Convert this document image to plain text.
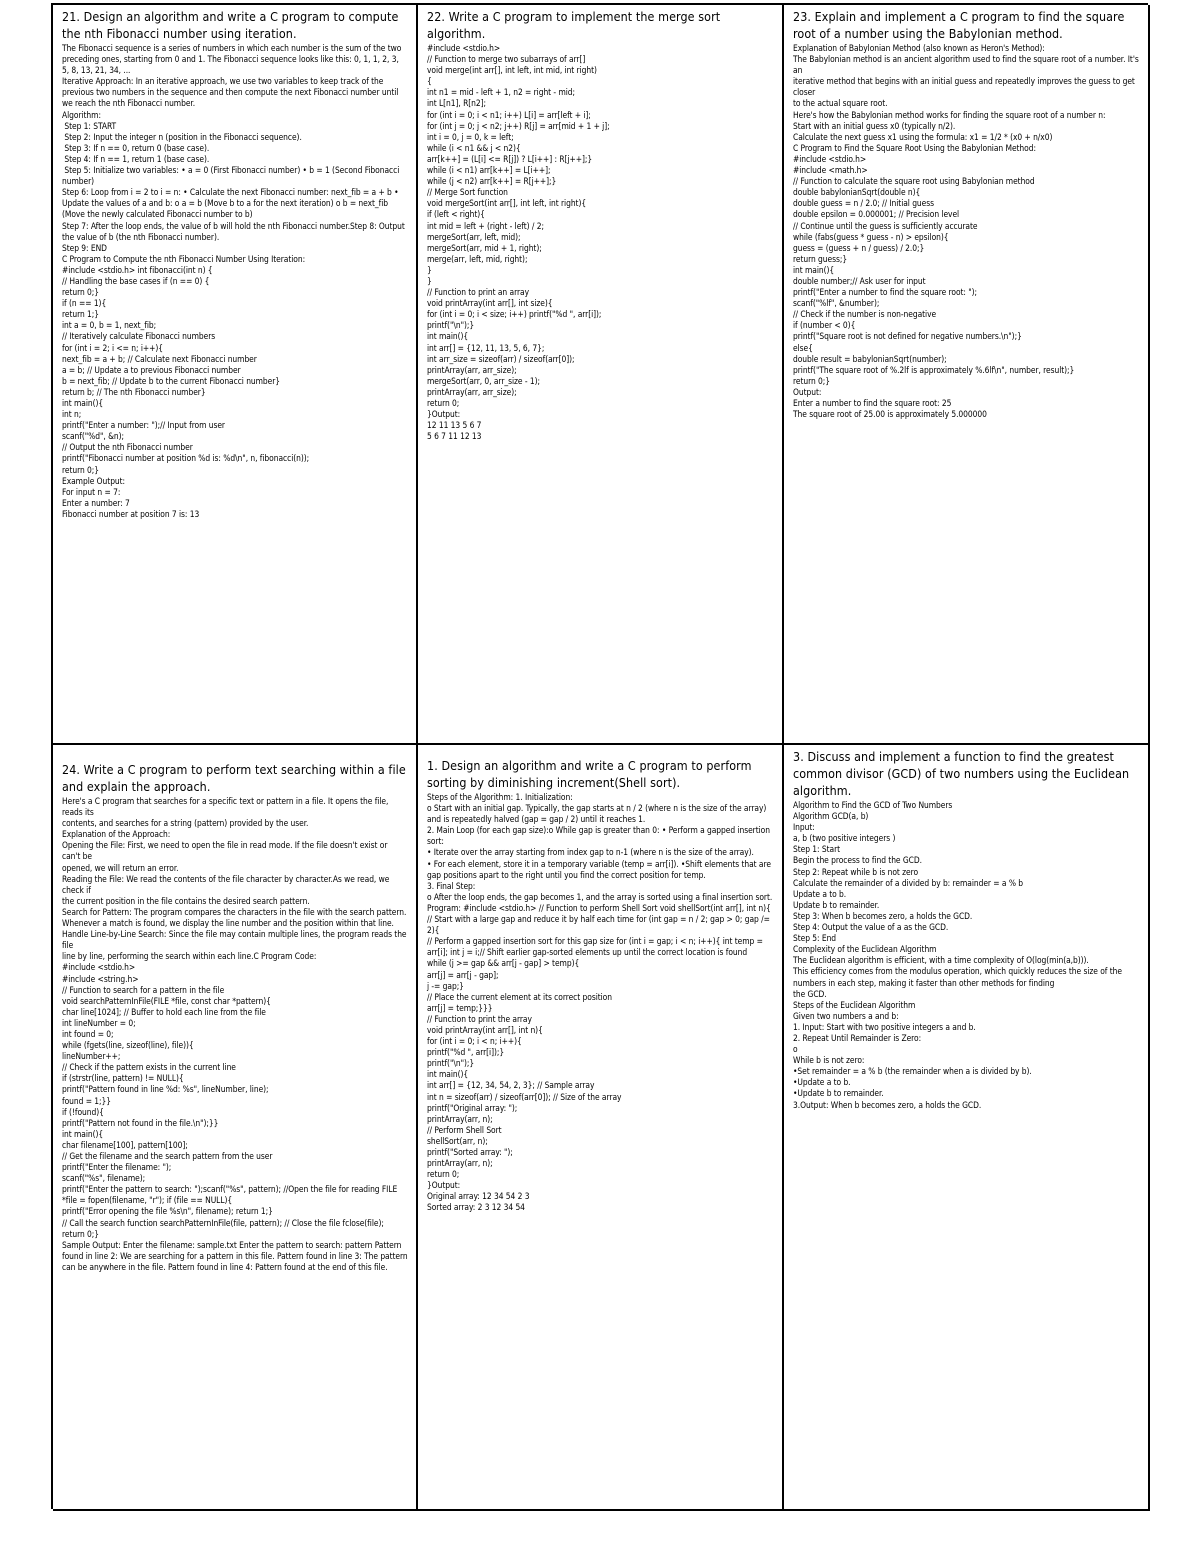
21. Design an algorithm and write a C program to compute the nth Fibonacci number using iteration.
The Fibonacci sequence is a series of numbers in which each number is the sum of the two preceding ones, starting from 0 and 1. The Fibonacci sequence looks like this: 0, 1, 1, 2, 3, 5, 8, 13, 21, 34, ...
Iterative Approach: In an iterative approach, we use two variables to keep track of the previous two numbers in the sequence and then compute the next Fibonacci number until we reach the nth Fibonacci number.
Algorithm:
Step 1: START
Step 2: Input the integer n (position in the Fibonacci sequence).
Step 3: If n == 0, return 0 (base case).
Step 4: If n == 1, return 1 (base case).
Step 5: Initialize two variables: • a = 0 (First Fibonacci number) • b = 1 (Second Fibonacci number)
Step 6: Loop from i = 2 to i = n: • Calculate the next Fibonacci number: next_fib = a + b • Update the values of a and b: o a = b (Move b to a for the next iteration) o b = next_fib (Move the newly calculated Fibonacci number to b)
Step 7: After the loop ends, the value of b will hold the nth Fibonacci number.Step 8: Output the value of b (the nth Fibonacci number).
Step 9: END
C Program to Compute the nth Fibonacci Number Using Iteration:
#include <stdio.h> int fibonacci(int n) {
// Handling the base cases if (n == 0) {
return 0;}
if (n == 1){
return 1;}
int a = 0, b = 1, next_fib;
// Iteratively calculate Fibonacci numbers
for (int i = 2; i <= n; i++){
next_fib = a + b; // Calculate next Fibonacci number
a = b; // Update a to previous Fibonacci number
b = next_fib; // Update b to the current Fibonacci number}
return b; // The nth Fibonacci number}
int main(){
int n;
printf("Enter a number: ");// Input from user
scanf("%d", &n);
// Output the nth Fibonacci number
printf("Fibonacci number at position %d is: %d\n", n, fibonacci(n));
return 0;}
Example Output:
For input n = 7:
Enter a number: 7
Fibonacci number at position 7 is: 13
22. Write a C program to implement the merge sort algorithm.
#include <stdio.h>
// Function to merge two subarrays of arr[]
void merge(int arr[], int left, int mid, int right)
{
int n1 = mid - left + 1, n2 = right - mid;
int L[n1], R[n2];
for (int i = 0; i < n1; i++) L[i] = arr[left + i];
for (int j = 0; j < n2; j++) R[j] = arr[mid + 1 + j];
int i = 0, j = 0, k = left;
while (i < n1 && j < n2){
arr[k++] = (L[i] <= R[j]) ? L[i++] : R[j++];}
while (i < n1) arr[k++] = L[i++];
while (j < n2) arr[k++] = R[j++];}
// Merge Sort function
void mergeSort(int arr[], int left, int right){
if (left < right){
int mid = left + (right - left) / 2;
mergeSort(arr, left, mid);
mergeSort(arr, mid + 1, right);
merge(arr, left, mid, right);
}
}
// Function to print an array
void printArray(int arr[], int size){
for (int i = 0; i < size; i++) printf("%d ", arr[i]);
printf("\n");}
int main(){
int arr[] = {12, 11, 13, 5, 6, 7};
int arr_size = sizeof(arr) / sizeof(arr[0]);
printArray(arr, arr_size);
mergeSort(arr, 0, arr_size - 1);
printArray(arr, arr_size);
return 0;
}Output:
12 11 13 5 6 7
5 6 7 11 12 13
23. Explain and implement a C program to find the square root of a number using the Babylonian method.
Explanation of Babylonian Method (also known as Heron's Method):
The Babylonian method is an ancient algorithm used to find the square root of a number. It's an
iterative method that begins with an initial guess and repeatedly improves the guess to get closer
to the actual square root.
Here's how the Babylonian method works for finding the square root of a number n:
Start with an initial guess x0 (typically n/2).
Calculate the next guess x1 using the formula: x1 = 1/2 * (x0 + n/x0)
C Program to Find the Square Root Using the Babylonian Method:
#include <stdio.h>
#include <math.h>
// Function to calculate the square root using Babylonian method
double babylonianSqrt(double n){
double guess = n / 2.0; // Initial guess
double epsilon = 0.000001; // Precision level
// Continue until the guess is sufficiently accurate
while (fabs(guess * guess - n) > epsilon){
guess = (guess + n / guess) / 2.0;}
return guess;}
int main(){
double number;// Ask user for input
printf("Enter a number to find the square root: ");
scanf("%lf", &number);
// Check if the number is non-negative
if (number < 0){
printf("Square root is not defined for negative numbers.\n");}
else{
double result = babylonianSqrt(number);
printf("The square root of %.2lf is approximately %.6lf\n", number, result);}
return 0;}
Output:
Enter a number to find the square root: 25
The square root of 25.00 is approximately 5.000000
24. Write a C program to perform text searching within a file and explain the approach.
Here's a C program that searches for a specific text or pattern in a file. It opens the file, reads its
contents, and searches for a string (pattern) provided by the user.
Explanation of the Approach:
Opening the File: First, we need to open the file in read mode. If the file doesn't exist or can't be
opened, we will return an error.
Reading the File: We read the contents of the file character by character.As we read, we check if
the current position in the file contains the desired search pattern.
Search for Pattern: The program compares the characters in the file with the search pattern.
Whenever a match is found, we display the line number and the position within that line.
Handle Line-by-Line Search: Since the file may contain multiple lines, the program reads the file
line by line, performing the search within each line.C Program Code:
#include <stdio.h>
#include <string.h>
// Function to search for a pattern in the file
void searchPatternInFile(FILE *file, const char *pattern){
char line[1024]; // Buffer to hold each line from the file
int lineNumber = 0;
int found = 0;
while (fgets(line, sizeof(line), file)){
lineNumber++;
// Check if the pattern exists in the current line
if (strstr(line, pattern) != NULL){
printf("Pattern found in line %d: %s", lineNumber, line);
found = 1;}}
if (!found){
printf("Pattern not found in the file.\n");}}
int main(){
char filename[100], pattern[100];
// Get the filename and the search pattern from the user
printf("Enter the filename: ");
scanf("%s", filename);
printf("Enter the pattern to search: ");scanf("%s", pattern); //Open the file for reading FILE *file = fopen(filename, "r"); if (file == NULL){
printf("Error opening the file %s\n", filename); return 1;}
// Call the search function searchPatternInFile(file, pattern); // Close the file fclose(file); return 0;}
Sample Output: Enter the filename: sample.txt Enter the pattern to search: pattern Pattern found in line 2: We are searching for a pattern in this file. Pattern found in line 3: The pattern can be anywhere in the file. Pattern found in line 4: Pattern found at the end of this file.
1. Design an algorithm and write a C program to perform sorting by diminishing increment(Shell sort).
Steps of the Algorithm: 1. Initialization:
o Start with an initial gap. Typically, the gap starts at n / 2 (where n is the size of the array) and is repeatedly halved (gap = gap / 2) until it reaches 1.
2. Main Loop (for each gap size):o While gap is greater than 0: • Perform a gapped insertion sort:
• Iterate over the array starting from index gap to n-1 (where n is the size of the array).
• For each element, store it in a temporary variable (temp = arr[i]). •Shift elements that are gap positions apart to the right until you find the correct position for temp.
3. Final Step:
o After the loop ends, the gap becomes 1, and the array is sorted using a final insertion sort.
Program: #include <stdio.h> // Function to perform Shell Sort void shellSort(int arr[], int n){
// Start with a large gap and reduce it by half each time for (int gap = n / 2; gap > 0; gap /= 2){
// Perform a gapped insertion sort for this gap size for (int i = gap; i < n; i++){ int temp = arr[i]; int j = i;// Shift earlier gap-sorted elements up until the correct location is found
while (j >= gap && arr[j - gap] > temp){
arr[j] = arr[j - gap];
j -= gap;}
// Place the current element at its correct position
arr[j] = temp;}}}
// Function to print the array
void printArray(int arr[], int n){
for (int i = 0; i < n; i++){
printf("%d ", arr[i]);}
printf("\n");}
int main(){
int arr[] = {12, 34, 54, 2, 3}; // Sample array
int n = sizeof(arr) / sizeof(arr[0]); // Size of the array
printf("Original array: ");
printArray(arr, n);
// Perform Shell Sort
shellSort(arr, n);
printf("Sorted array: ");
printArray(arr, n);
return 0;
}Output:
Original array: 12 34 54 2 3
Sorted array: 2 3 12 34 54
3. Discuss and implement a function to find the greatest common divisor (GCD) of two numbers using the Euclidean algorithm.
Algorithm to Find the GCD of Two Numbers
Algorithm GCD(a, b)
Input:
a, b (two positive integers )
Step 1: Start
Begin the process to find the GCD.
Step 2: Repeat while b is not zero
Calculate the remainder of a divided by b: remainder = a % b
Update a to b.
Update b to remainder.
Step 3: When b becomes zero, a holds the GCD.
Step 4: Output the value of a as the GCD.
Step 5: End
Complexity of the Euclidean Algorithm
The Euclidean algorithm is efficient, with a time complexity of O(log(min(a,b))).
This efficiency comes from the modulus operation, which quickly reduces the size of the numbers in each step, making it faster than other methods for finding
the GCD.
Steps of the Euclidean Algorithm
Given two numbers a and b:
1. Input: Start with two positive integers a and b.
2. Repeat Until Remainder is Zero:
o
While b is not zero:
•Set remainder = a % b (the remainder when a is divided by b).
•Update a to b.
•Update b to remainder.
3.Output: When b becomes zero, a holds the GCD.
